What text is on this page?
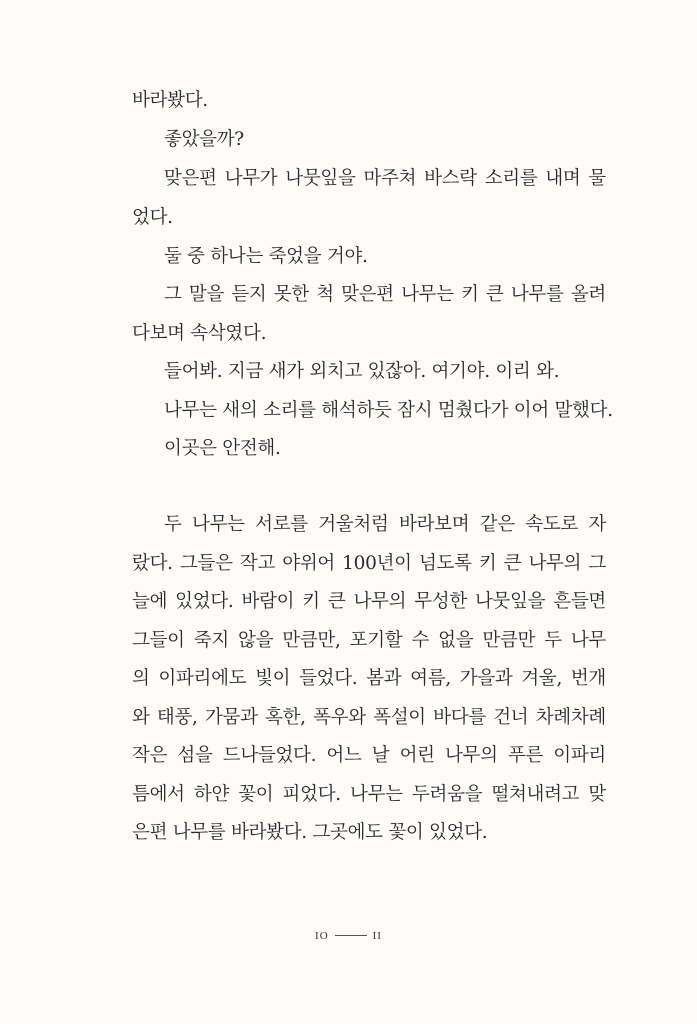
바라봤다.
좋았을까?
맞은편 나무가 나뭇잎을 마주쳐 바스락 소리를 내며 물
었다.
둘 중 하나는 죽었을 거야.
그 말을 듣지 못한 척 맞은편 나무는 키 큰 나무를 올려
다보며 속삭였다.
들어봐. 지금 새가 외치고 있잖아. 여기야. 이리 와.
나무는 새의 소리를 해석하듯 잠시 멈췄다가 이어 말했다.
이곳은 안전해.
두 나무는 서로를 거울처럼 바라보며 같은 속도로 자
랐다. 그들은 작고 야위어 100년이 넘도록 키 큰 나무의 그
늘에 있었다. 바람이 키 큰 나무의 무성한 나뭇잎을 흔들면
그들이 죽지 않을 만큼만, 포기할 수 없을 만큼만 두 나무
의 이파리에도 빛이 들었다. 봄과 여름, 가을과 겨울, 번개
와 태풍, 가뭄과 혹한, 폭우와 폭설이 바다를 건너 차례차례
작은 섬을 드나들었다. 어느 날 어린 나무의 푸른 이파리
틈에서 하얀 꽃이 피었다. 나무는 두려움을 떨쳐내려고 맞
은편 나무를 바라봤다. 그곳에도 꽃이 있었다.
IO	II
